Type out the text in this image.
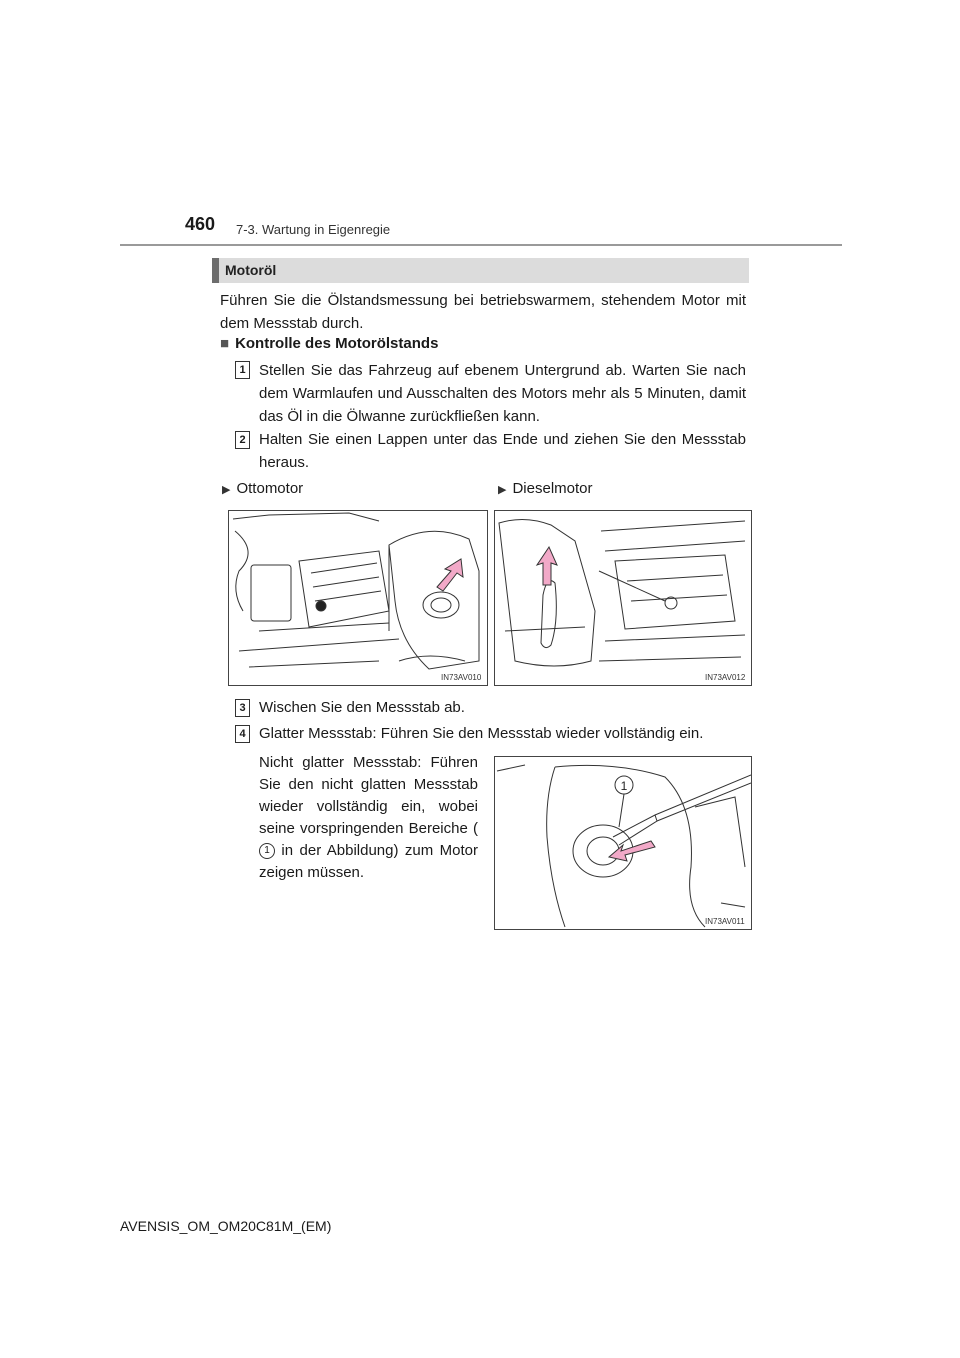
460 7-3. Wartung in Eigenregie
Motoröl
Führen Sie die Ölstandsmessung bei betriebswarmem, stehendem Motor mit dem Messstab durch.
■ Kontrolle des Motorölstands
1 Stellen Sie das Fahrzeug auf ebenem Untergrund ab. Warten Sie nach dem Warmlaufen und Ausschalten des Motors mehr als 5 Minuten, damit das Öl in die Ölwanne zurückfließen kann.
2 Halten Sie einen Lappen unter das Ende und ziehen Sie den Messstab heraus.
▶ Ottomotor	▶ Dieselmotor
IN73AV010	IN73AV012
3 Wischen Sie den Messstab ab.
4 Glatter Messstab: Führen Sie den Messstab wieder vollständig ein.
Nicht glatter Messstab: Führen Sie den nicht glatten Messstab wieder vollständig ein, wobei seine vorspringenden Bereiche (1 in der Abbildung) zum Motor zeigen müssen.
1
IN73AV011
AVENSIS_OM_OM20C81M_(EM)
